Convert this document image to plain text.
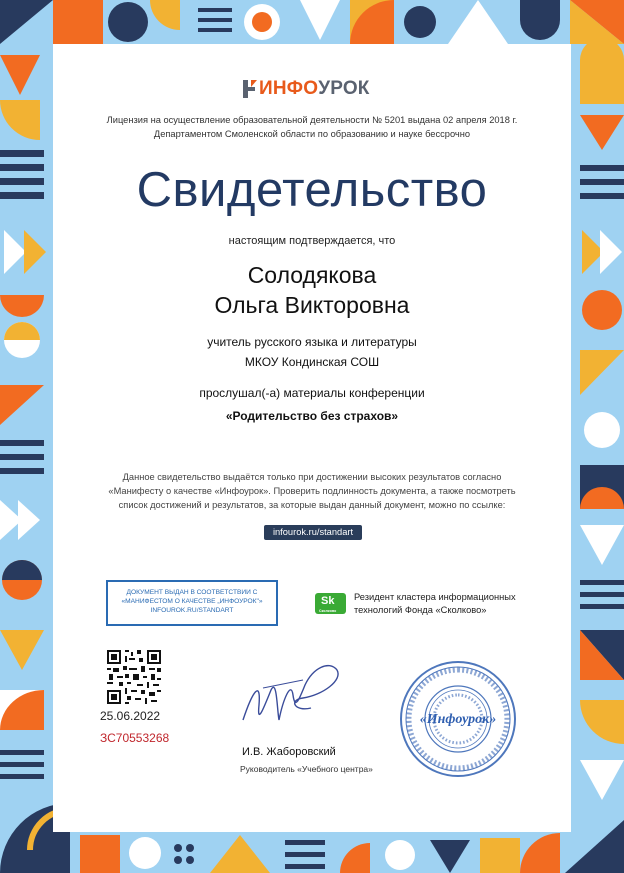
ИНФОУРОК
Лицензия на осуществление образовательной деятельности № 5201 выдана 02 апреля 2018 г. Департаментом Смоленской области по образованию и науке бессрочно
Свидетельство
настоящим подтверждается, что
Солодякова
Ольга Викторовна
учитель русского языка и литературы
МКОУ Кондинская СОШ
прослушал(-а) материалы конференции
«Родительство без страхов»
Данное свидетельство выдаётся только при достижении высоких результатов согласно «Манифесту о качестве «Инфоурок». Проверить подлинность документа, а также посмотреть список достижений и результатов, за которые выдан данный документ, можно по ссылке:
infourok.ru/standart
ДОКУМЕНТ ВЫДАН В СООТВЕТСТВИИ С
«МАНИФЕСТОМ О КАЧЕСТВЕ „ИНФОУРОК"»
INFOUROK.RU/STANDART
Sk
Сколково
Резидент кластера информационных
технологий Фонда «Сколково»
25.06.2022
ЗС70553268
И.В. Жаборовский
Руководитель «Учебного центра»
«Инфоурок»
